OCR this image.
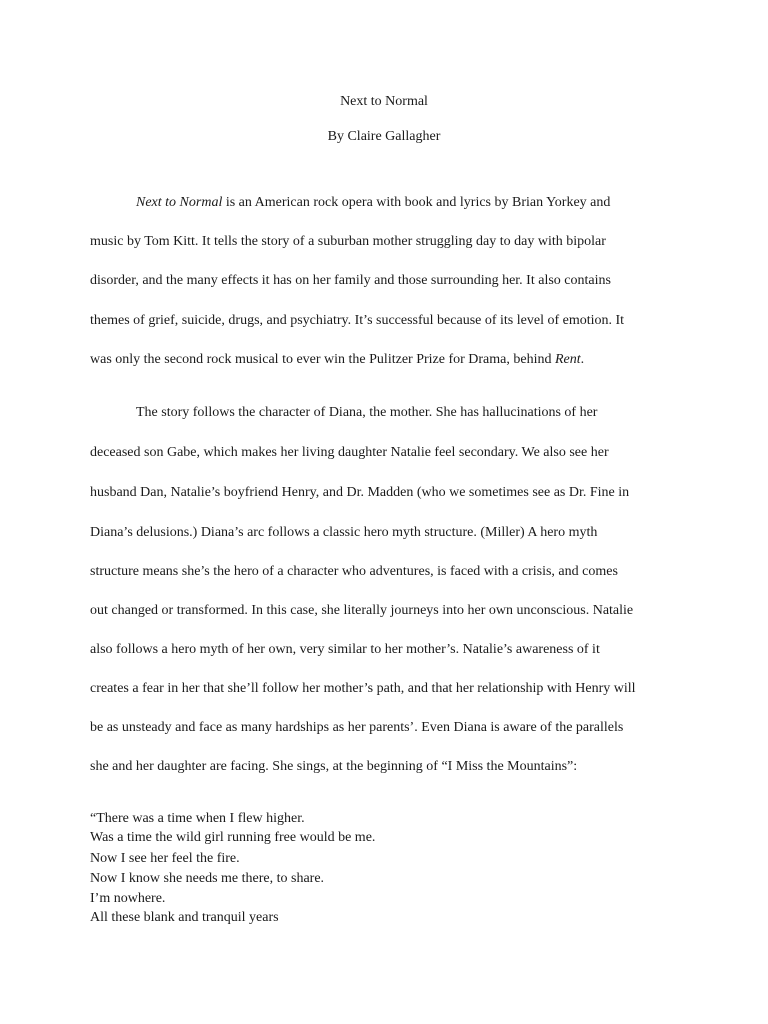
Next to Normal
By Claire Gallagher
Next to Normal is an American rock opera with book and lyrics by Brian Yorkey and
music by Tom Kitt. It tells the story of a suburban mother struggling day to day with bipolar
disorder, and the many effects it has on her family and those surrounding her. It also contains
themes of grief, suicide, drugs, and psychiatry. It’s successful because of its level of emotion. It
was only the second rock musical to ever win the Pulitzer Prize for Drama, behind Rent.
The story follows the character of Diana, the mother. She has hallucinations of her
deceased son Gabe, which makes her living daughter Natalie feel secondary. We also see her
husband Dan, Natalie’s boyfriend Henry, and Dr. Madden (who we sometimes see as Dr. Fine in
Diana’s delusions.) Diana’s arc follows a classic hero myth structure. (Miller) A hero myth
structure means she’s the hero of a character who adventures, is faced with a crisis, and comes
out changed or transformed. In this case, she literally journeys into her own unconscious. Natalie
also follows a hero myth of her own, very similar to her mother’s. Natalie’s awareness of it
creates a fear in her that she’ll follow her mother’s path, and that her relationship with Henry will
be as unsteady and face as many hardships as her parents’. Even Diana is aware of the parallels
she and her daughter are facing. She sings, at the beginning of “I Miss the Mountains”:
“There was a time when I flew higher.
Was a time the wild girl running free would be me.
Now I see her feel the fire.
Now I know she needs me there, to share.
I’m nowhere.
All these blank and tranquil years
